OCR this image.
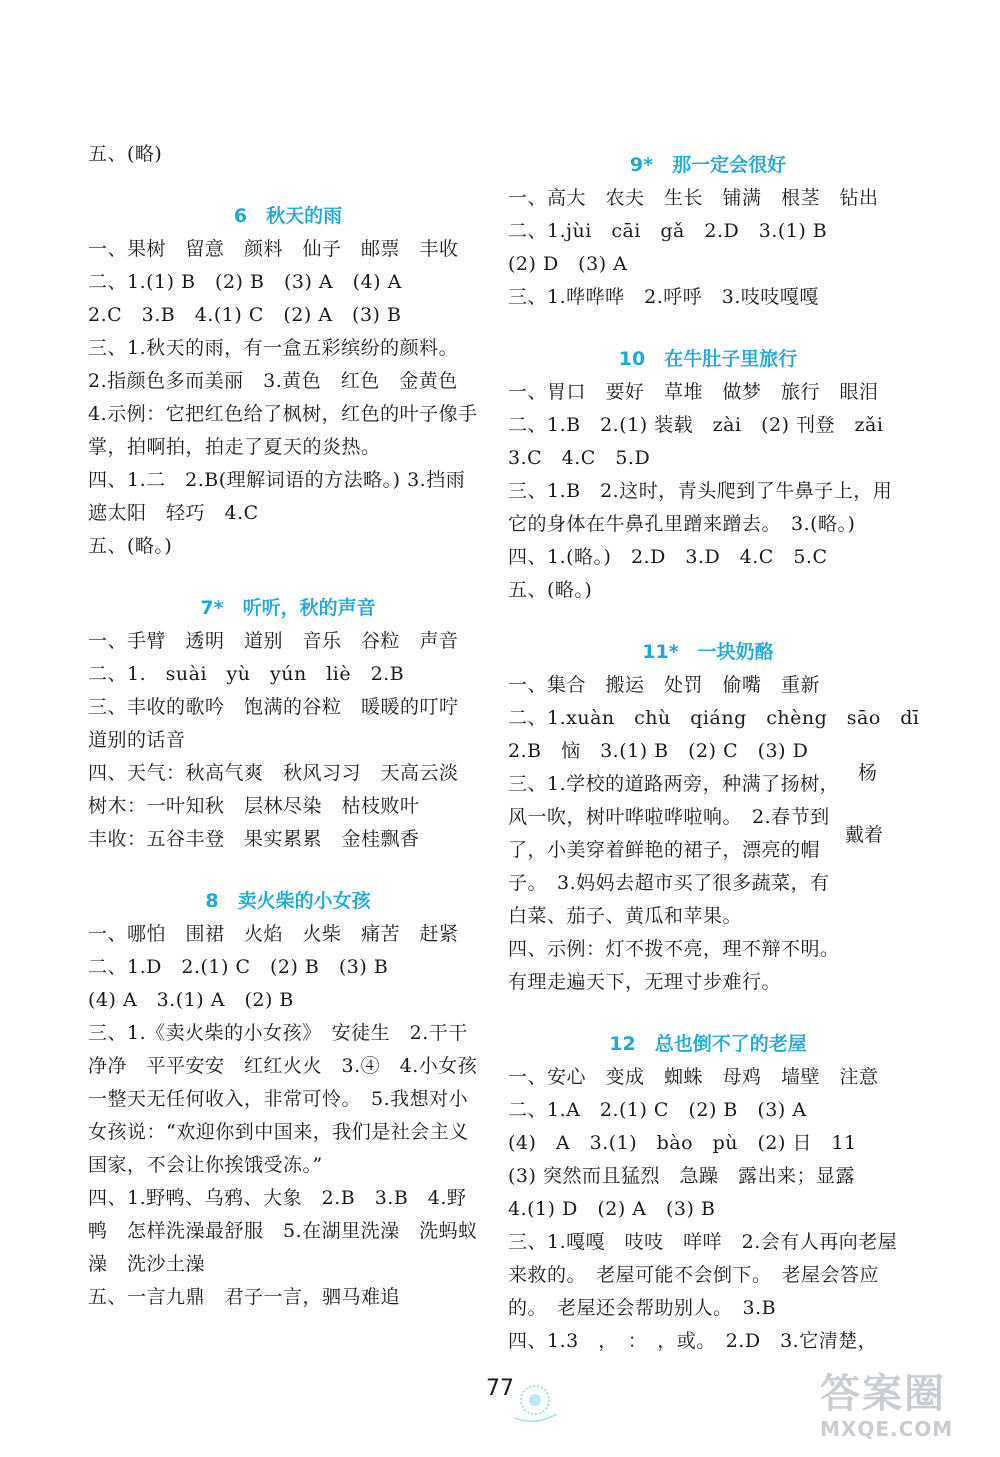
五、(略)
6　秋天的雨
一、果树　留意　颜料　仙子　邮票　丰收
二、1.(1) B　(2) B　(3) A　(4) A
2.C　3.B　4.(1) C　(2) A　(3) B
三、1.秋天的雨，有一盒五彩缤纷的颜料。
2.指颜色多而美丽　3.黄色　红色　金黄色
4.示例：它把红色给了枫树，红色的叶子像手
掌，拍啊拍，拍走了夏天的炎热。
四、1.二　2.B(理解词语的方法略。) 3.挡雨
遮太阳　轻巧　4.C
五、(略。)
7*　听听，秋的声音
一、手臂　透明　道别　音乐　谷粒　声音
二、1.　suài　yù　yún　liè　2.B
三、丰收的歌吟　饱满的谷粒　暖暖的叮咛
道别的话音
四、天气：秋高气爽　秋风习习　天高云淡
树木：一叶知秋　层林尽染　枯枝败叶
丰收：五谷丰登　果实累累　金桂飘香
8　卖火柴的小女孩
一、哪怕　围裙　火焰　火柴　痛苦　赶紧
二、1.D　2.(1) C　(2) B　(3) B
(4) A　3.(1) A　(2) B
三、1.《卖火柴的小女孩》　安徒生　2.干干
净净　平平安安　红红火火　3.④　4.小女孩
一整天无任何收入，非常可怜。　5.我想对小
女孩说：“欢迎你到中国来，我们是社会主义
国家，不会让你挨饿受冻。”
四、1.野鸭、乌鸦、大象　2.B　3.B　4.野
鸭　怎样洗澡最舒服　5.在湖里洗澡　洗蚂蚁
澡　洗沙土澡
五、一言九鼎　君子一言，驷马难追
9*　那一定会很好
一、高大　农夫　生长　铺满　根茎　钻出
二、1.jùi　cāi　gǎ　2.D　3.(1) B
(2) D　(3) A
三、1.哗哗哗　2.呼呼　3.吱吱嘎嘎
10　在牛肚子里旅行
一、胃口　要好　草堆　做梦　旅行　眼泪
二、1.B　2.(1) 装载　zài　(2) 刊登　zǎi
3.C　4.C　5.D
三、1.B　2.这时，青头爬到了牛鼻子上，用
它的身体在牛鼻孔里蹭来蹭去。　3.(略。)
四、1.(略。)　2.D　3.D　4.C　5.C
五、(略。)
11*　一块奶酪
一、集合　搬运　处罚　偷嘴　重新
二、1.xuàn　chù　qiáng　chèng　sāo　dī
2.B　恼　3.(1) B　(2) C　(3) D
三、1.学校的道路两旁，种满了扬树，
风一吹，树叶哗啦哗啦响。　2.春节到
了，小美穿着鲜艳的裙子，漂亮的帽
子。　3.妈妈去超市买了很多蔬菜，有
白菜、茄子、黄瓜和苹果。
四、示例：灯不拨不亮，理不辩不明。
有理走遍天下，无理寸步难行。
12　总也倒不了的老屋
一、安心　变成　蜘蛛　母鸡　墙壁　注意
二、1.A　2.(1) C　(2) B　(3) A
(4)　A　3.(1)　bào　pù　(2) 日　11
(3) 突然而且猛烈　急躁　露出来；显露
4.(1) D　(2) A　(3) B
三、1.嘎嘎　吱吱　咩咩　2.会有人再向老屋
来救的。　老屋可能不会倒下。　老屋会答应
的。　老屋还会帮助别人。　3.B
四、1.3　，　：　，或。　2.D　3.它清楚，
杨
戴着
77	答案圈
MXQE.COM
